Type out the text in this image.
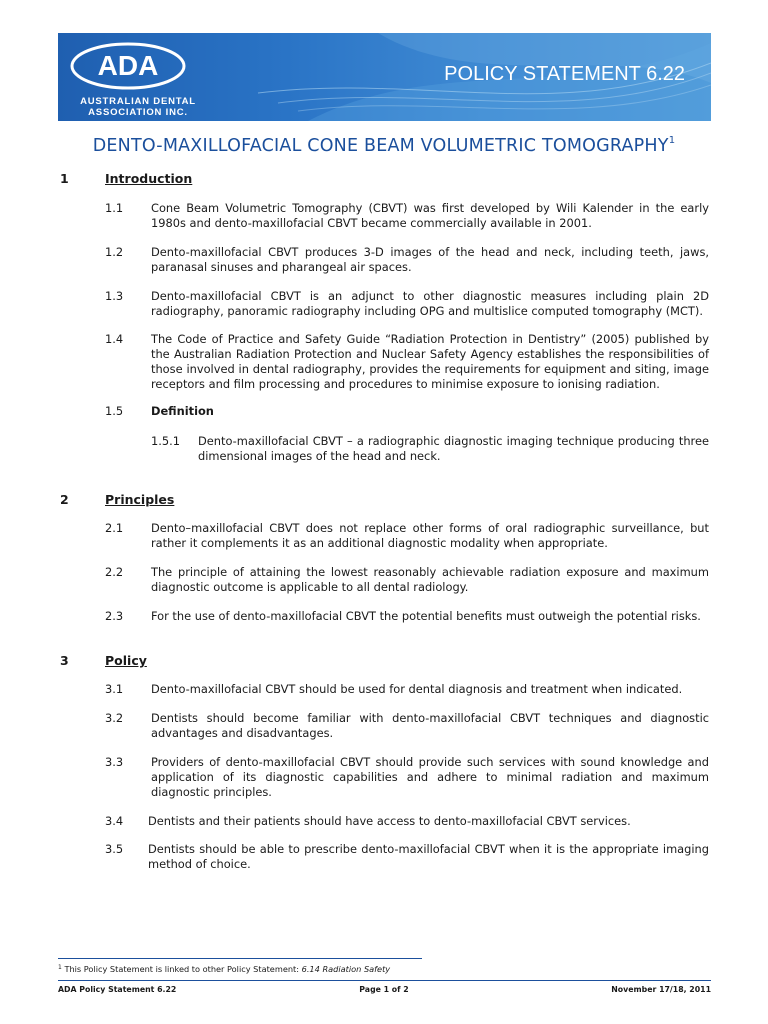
ADA
AUSTRALIAN DENTAL
ASSOCIATION INC.
POLICY STATEMENT 6.22
DENTO-MAXILLOFACIAL CONE BEAM VOLUMETRIC TOMOGRAPHY$^1$
1	Introduction
1.1 Cone Beam Volumetric Tomography (CBVT) was first developed by Wili Kalender in the early 1980s and dento-maxillofacial CBVT became commercially available in 2001.
1.2 Dento-maxillofacial CBVT produces 3-D images of the head and neck, including teeth, jaws, paranasal sinuses and pharangeal air spaces.
1.3 Dento-maxillofacial CBVT is an adjunct to other diagnostic measures including plain 2D radiography, panoramic radiography including OPG and multislice computed tomography (MCT).
1.4 The Code of Practice and Safety Guide “Radiation Protection in Dentistry” (2005) published by the Australian Radiation Protection and Nuclear Safety Agency establishes the responsibilities of those involved in dental radiography, provides the requirements for equipment and siting, image receptors and film processing and procedures to minimise exposure to ionising radiation.
1.5 Definition
1.5.1 Dento-maxillofacial CBVT – a radiographic diagnostic imaging technique producing three dimensional images of the head and neck.
2	Principles
2.1 Dento–maxillofacial CBVT does not replace other forms of oral radiographic surveillance, but rather it complements it as an additional diagnostic modality when appropriate.
2.2 The principle of attaining the lowest reasonably achievable radiation exposure and maximum diagnostic outcome is applicable to all dental radiology.
2.3 For the use of dento-maxillofacial CBVT the potential benefits must outweigh the potential risks.
3	Policy
3.1 Dento-maxillofacial CBVT should be used for dental diagnosis and treatment when indicated.
3.2 Dentists should become familiar with dento-maxillofacial CBVT techniques and diagnostic advantages and disadvantages.
3.3 Providers of dento-maxillofacial CBVT should provide such services with sound knowledge and application of its diagnostic capabilities and adhere to minimal radiation and maximum diagnostic principles.
3.4 Dentists and their patients should have access to dento-maxillofacial CBVT services.
3.5 Dentists should be able to prescribe dento-maxillofacial CBVT when it is the appropriate imaging method of choice.
$^1$ This Policy Statement is linked to other Policy Statement: 6.14 Radiation Safety
ADA Policy Statement 6.22	Page 1 of 2	November 17/18, 2011
